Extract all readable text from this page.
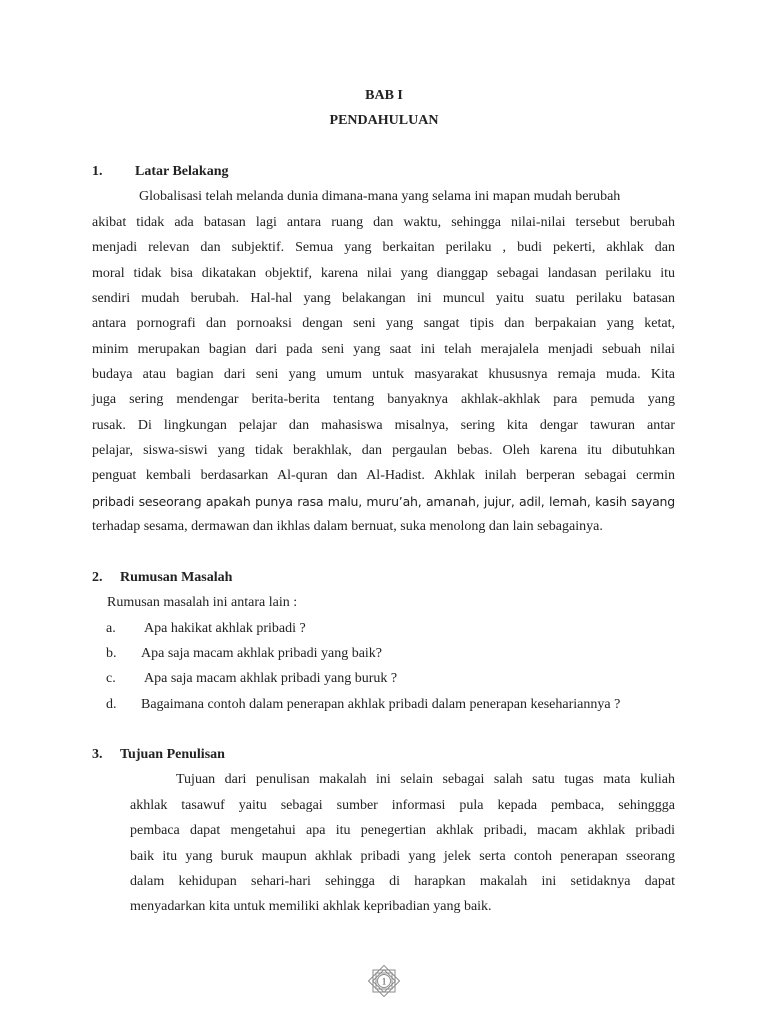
BAB I
PENDAHULUAN
1. Latar Belakang
Globalisasi telah melanda dunia dimana-mana yang selama ini mapan mudah berubah
akibat tidak ada batasan lagi antara ruang dan waktu, sehingga nilai-nilai tersebut berubah
menjadi relevan dan subjektif. Semua yang berkaitan perilaku , budi pekerti, akhlak dan
moral tidak bisa dikatakan objektif, karena nilai yang dianggap sebagai landasan perilaku itu
sendiri mudah berubah. Hal-hal yang belakangan ini muncul yaitu suatu perilaku batasan
antara pornografi dan pornoaksi dengan seni yang sangat tipis dan berpakaian yang ketat,
minim merupakan bagian dari pada seni yang saat ini telah merajalela menjadi sebuah nilai
budaya atau bagian dari seni yang umum untuk masyarakat khususnya remaja muda. Kita
juga sering mendengar berita-berita tentang banyaknya akhlak-akhlak para pemuda yang
rusak. Di lingkungan pelajar dan mahasiswa misalnya, sering kita dengar tawuran antar
pelajar, siswa-siswi yang tidak berakhlak, dan pergaulan bebas. Oleh karena itu dibutuhkan
penguat kembali berdasarkan Al-quran dan Al-Hadist. Akhlak inilah berperan sebagai cermin
pribadi seseorang apakah punya rasa malu, muru’ah, amanah, jujur, adil, lemah, kasih sayang
terhadap sesama, dermawan dan ikhlas dalam bernuat, suka menolong dan lain sebagainya.
2. Rumusan Masalah
Rumusan masalah ini antara lain :
a. Apa hakikat akhlak pribadi ?
b. Apa saja macam akhlak pribadi yang baik?
c. Apa saja macam akhlak pribadi yang buruk ?
d. Bagaimana contoh dalam penerapan akhlak pribadi dalam penerapan kesehariannya ?
3. Tujuan Penulisan
Tujuan dari penulisan makalah ini selain sebagai salah satu tugas mata kuliah
akhlak tasawuf yaitu sebagai sumber informasi pula kepada pembaca, sehinggga
pembaca dapat mengetahui apa itu penegertian akhlak pribadi, macam akhlak pribadi
baik itu yang buruk maupun akhlak pribadi yang jelek serta contoh penerapan sseorang
dalam kehidupan sehari-hari sehingga di harapkan makalah ini setidaknya dapat
menyadarkan kita untuk memiliki akhlak kepribadian yang baik.
1
